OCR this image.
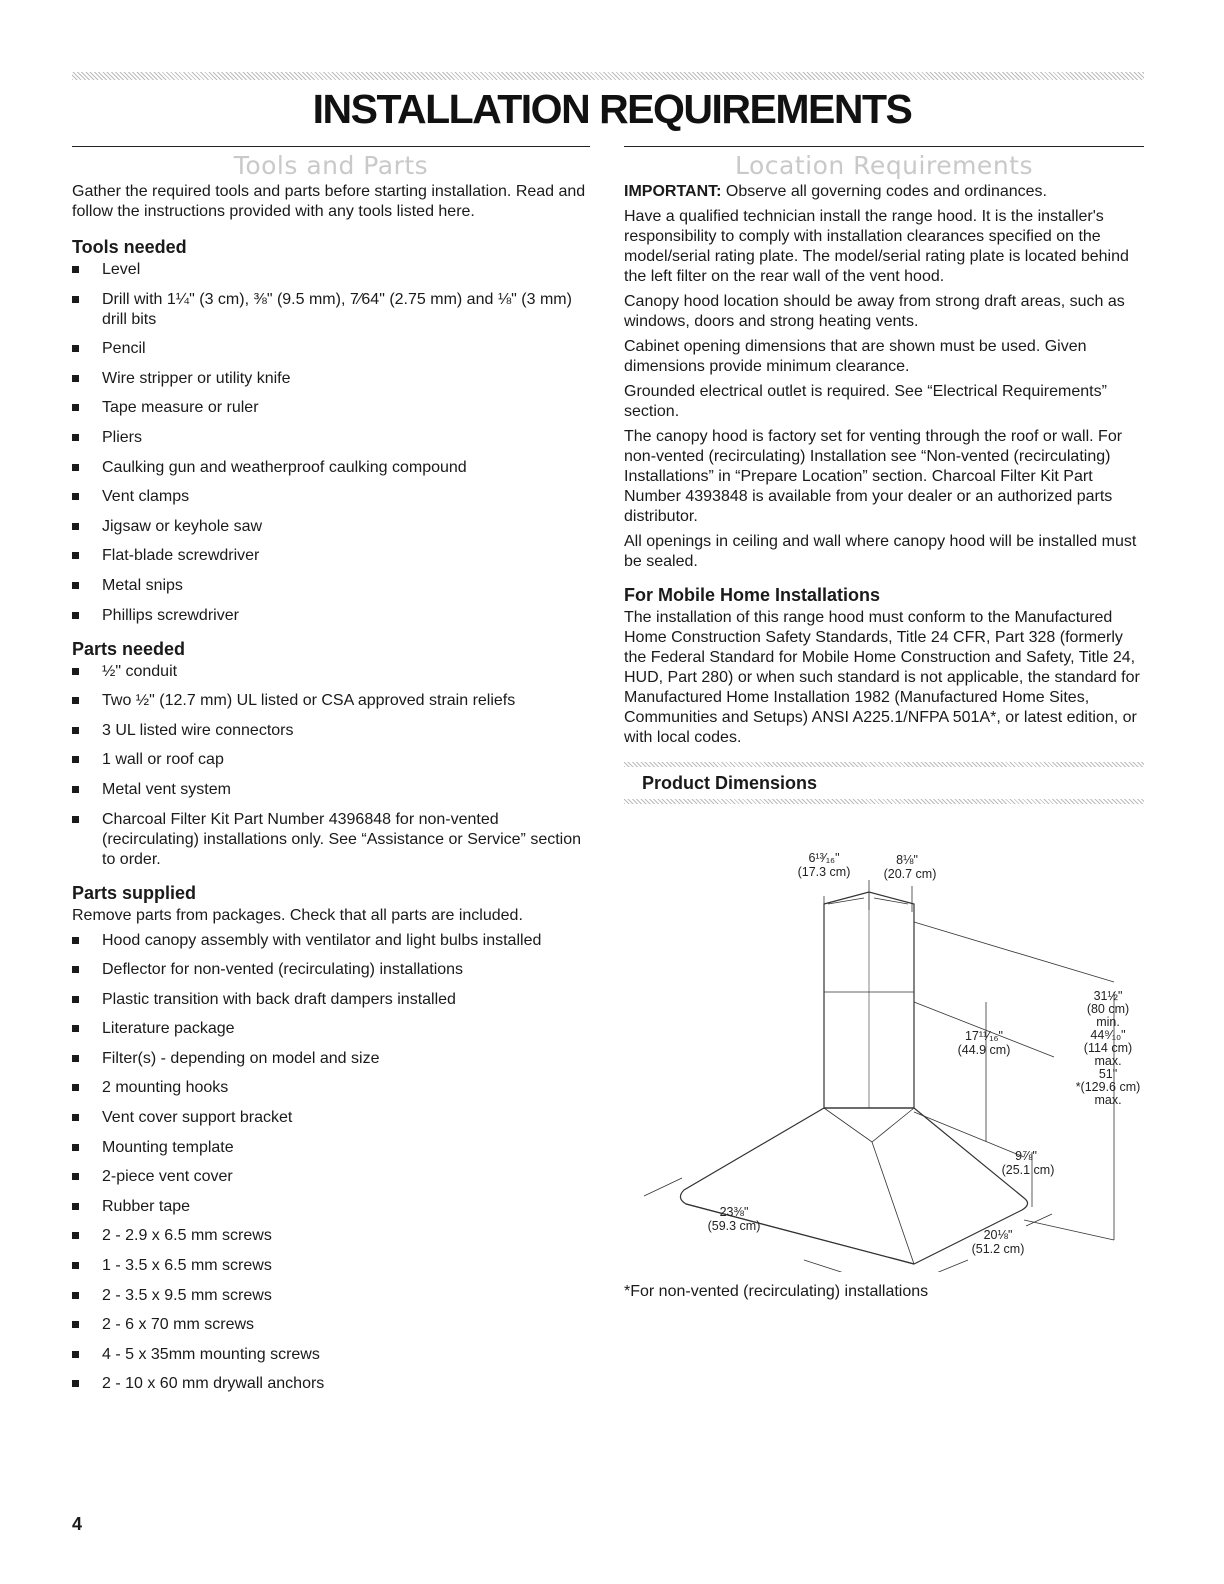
INSTALLATION REQUIREMENTS
Tools and Parts

Gather the required tools and parts before starting installation. Read and follow the instructions provided with any tools listed here.

Tools needed
Level
Drill with 1¼" (3 cm), ⅜" (9.5 mm), 7⁄64" (2.75 mm) and ⅛" (3 mm) drill bits
Pencil
Wire stripper or utility knife
Tape measure or ruler
Pliers
Caulking gun and weatherproof caulking compound
Vent clamps
Jigsaw or keyhole saw
Flat-blade screwdriver
Metal snips
Phillips screwdriver
Parts needed
½" conduit
Two ½" (12.7 mm) UL listed or CSA approved strain reliefs
3 UL listed wire connectors
1 wall or roof cap
Metal vent system
Charcoal Filter Kit Part Number 4396848 for non-vented (recirculating) installations only. See “Assistance or Service” section to order.
Parts supplied

Remove parts from packages. Check that all parts are included.

Hood canopy assembly with ventilator and light bulbs installed
Deflector for non-vented (recirculating) installations
Plastic transition with back draft dampers installed
Literature package
Filter(s) - depending on model and size
2 mounting hooks
Vent cover support bracket
Mounting template
2-piece vent cover
Rubber tape
2 - 2.9 x 6.5 mm screws
1 - 3.5 x 6.5 mm screws
2 - 3.5 x 9.5 mm screws
2 - 6 x 70 mm screws
4 - 5 x 35mm mounting screws
2 - 10 x 60 mm drywall anchors
Location Requirements

IMPORTANT: Observe all governing codes and ordinances.

Have a qualified technician install the range hood. It is the installer's responsibility to comply with installation clearances specified on the model/serial rating plate. The model/serial rating plate is located behind the left filter on the rear wall of the vent hood.

Canopy hood location should be away from strong draft areas, such as windows, doors and strong heating vents.

Cabinet opening dimensions that are shown must be used. Given dimensions provide minimum clearance.

Grounded electrical outlet is required. See “Electrical Requirements” section.

The canopy hood is factory set for venting through the roof or wall. For non-vented (recirculating) Installation see “Non-vented (recirculating) Installations” in “Prepare Location” section. Charcoal Filter Kit Part Number 4393848 is available from your dealer or an authorized parts distributor.

All openings in ceiling and wall where canopy hood will be installed must be sealed.

For Mobile Home Installations

The installation of this range hood must conform to the Manufactured Home Construction Safety Standards, Title 24 CFR, Part 328 (formerly the Federal Standard for Mobile Home Construction and Safety, Title 24, HUD, Part 280) or when such standard is not applicable, the standard for Manufactured Home Installation 1982 (Manufactured Home Sites, Communities and Setups) ANSI A225.1/NFPA 501A*, or latest edition, or with local codes.

Product Dimensions
6¹³⁄₁₆"
(17.3 cm)
8⅛"
(20.7 cm)
31½"
(80 cm)
min.
44⁹⁄₁₀"
(114 cm)
max.
51"
*(129.6 cm)
max.
17¹¹⁄₁₆"
(44.9 cm)
9⅞"
(25.1 cm)
23⅜"
(59.3 cm)
20⅛"
(51.2 cm)
*For non-vented (recirculating) installations
4
